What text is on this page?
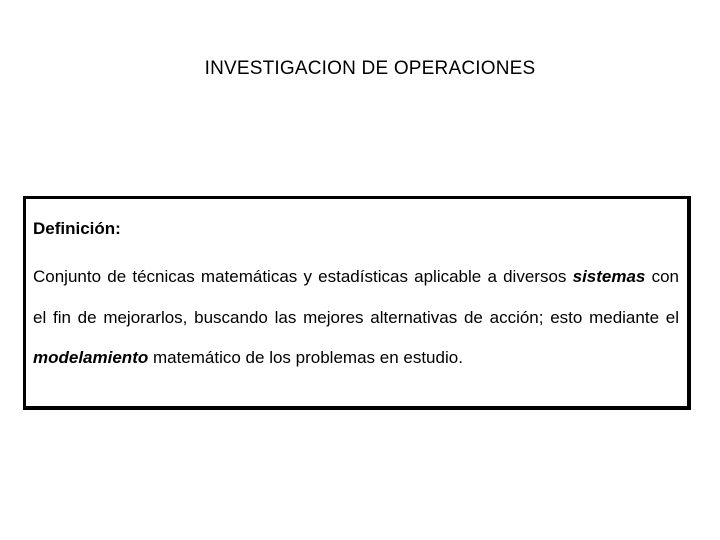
INVESTIGACION DE OPERACIONES
Definición:

Conjunto de técnicas matemáticas y estadísticas aplicable a diversos sistemas con el fin de mejorarlos, buscando las mejores alternativas de acción; esto mediante el modelamiento matemático de los problemas en estudio.
